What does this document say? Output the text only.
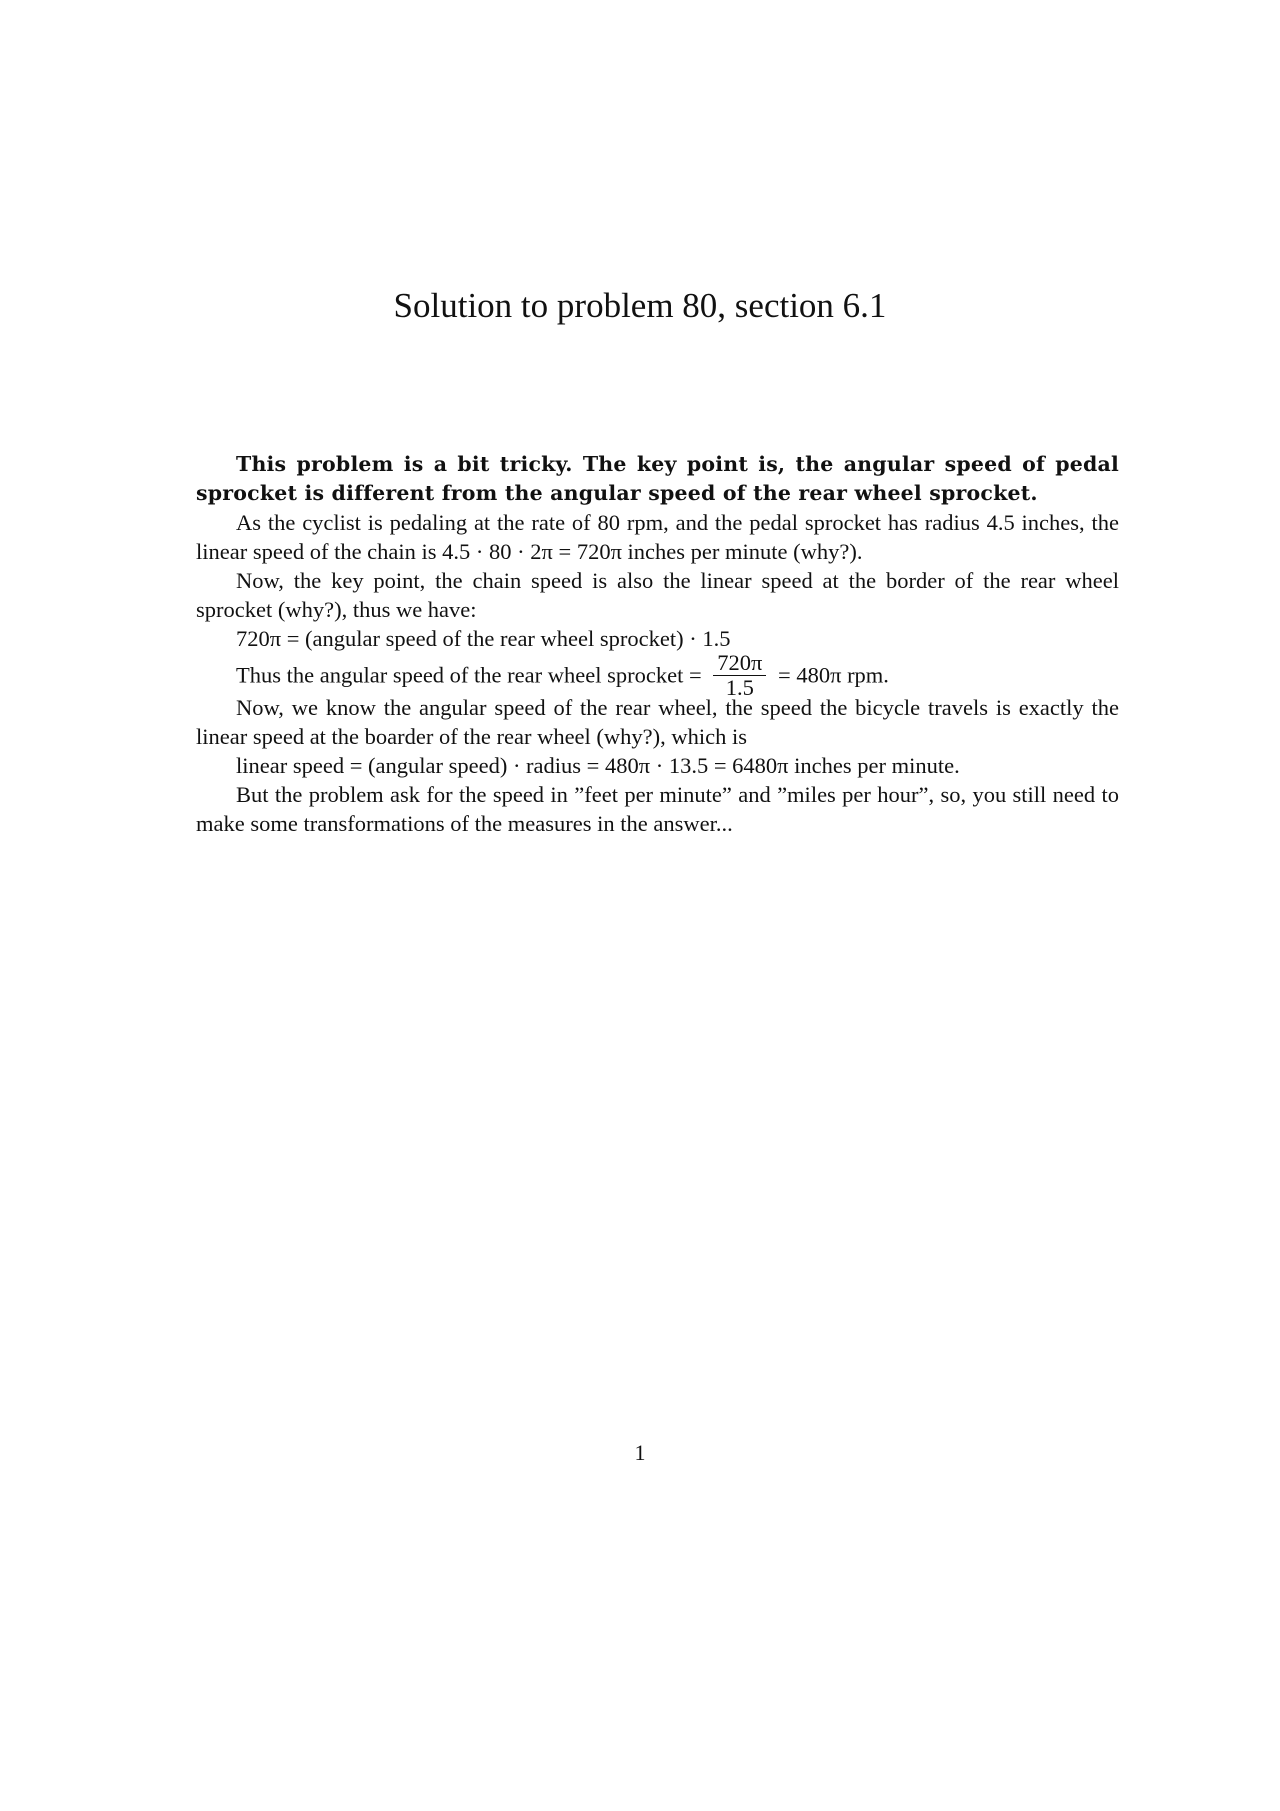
Solution to problem 80, section 6.1

This problem is a bit tricky. The key point is, the angular speed of pedal sprocket is different from the angular speed of the rear wheel sprocket.

As the cyclist is pedaling at the rate of 80 rpm, and the pedal sprocket has radius 4.5 inches, the linear speed of the chain is 4.5 · 80 · 2π = 720π inches per minute (why?).

Now, the key point, the chain speed is also the linear speed at the border of the rear wheel sprocket (why?), thus we have:

720π = (angular speed of the rear wheel sprocket) · 1.5

Thus the angular speed of the rear wheel sprocket = $\frac{720\pi}{1.5} = 480\pi$ rpm.

Now, we know the angular speed of the rear wheel, the speed the bicycle travels is exactly the linear speed at the boarder of the rear wheel (why?), which is

linear speed = (angular speed) · radius = 480π · 13.5 = 6480π inches per minute.

But the problem ask for the speed in ”feet per minute” and ”miles per hour”, so, you still need to make some transformations of the measures in the answer...

1
